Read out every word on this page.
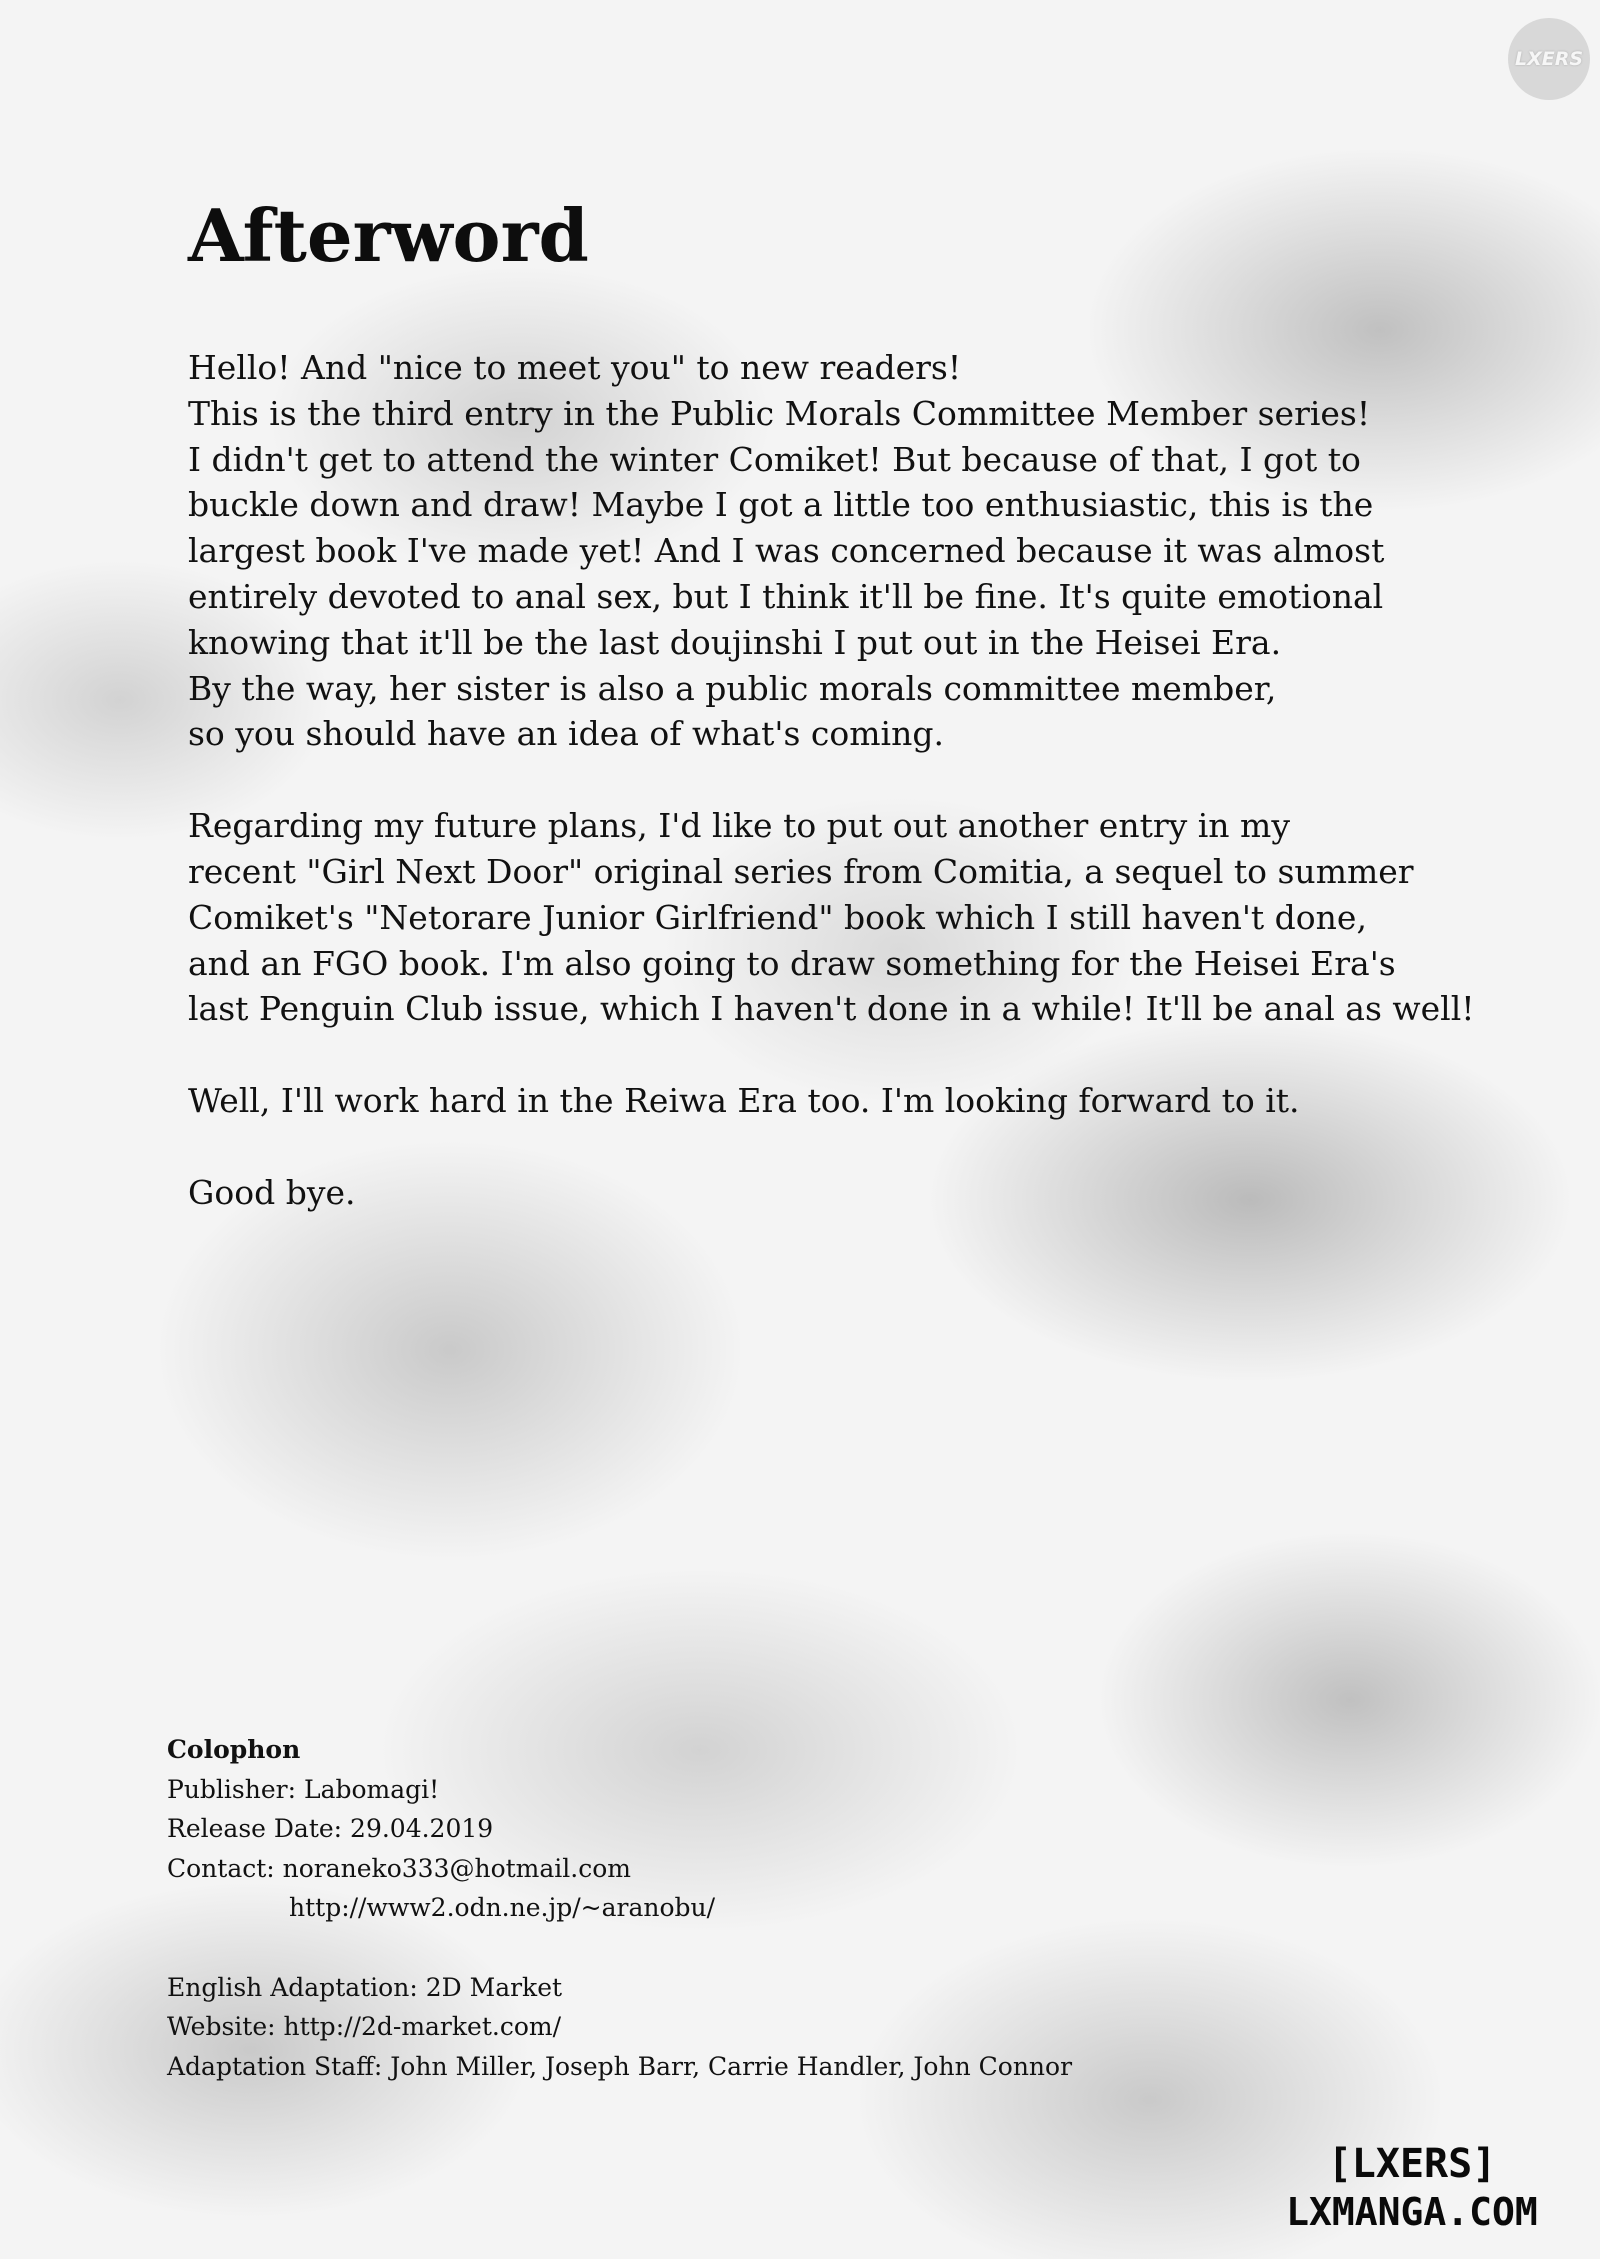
LXERS
Afterword

Hello! And "nice to meet you" to new readers!
This is the third entry in the Public Morals Committee Member series!
I didn't get to attend the winter Comiket! But because of that, I got to
buckle down and draw! Maybe I got a little too enthusiastic, this is the
largest book I've made yet! And I was concerned because it was almost
entirely devoted to anal sex, but I think it'll be fine. It's quite emotional
knowing that it'll be the last doujinshi I put out in the Heisei Era.
By the way, her sister is also a public morals committee member,
so you should have an idea of what's coming.

Regarding my future plans, I'd like to put out another entry in my
recent "Girl Next Door" original series from Comitia, a sequel to summer
Comiket's "Netorare Junior Girlfriend" book which I still haven't done,
and an FGO book. I'm also going to draw something for the Heisei Era's
last Penguin Club issue, which I haven't done in a while! It'll be anal as well!

Well, I'll work hard in the Reiwa Era too. I'm looking forward to it.

Good bye.

Colophon
Publisher: Labomagi!
Release Date: 29.04.2019
Contact: noraneko333@hotmail.com
http://www2.odn.ne.jp/~aranobu/
English Adaptation: 2D Market
Website: http://2d-market.com/
Adaptation Staff: John Miller, Joseph Barr, Carrie Handler, John Connor
[LXERS]
LXMANGA.COM
